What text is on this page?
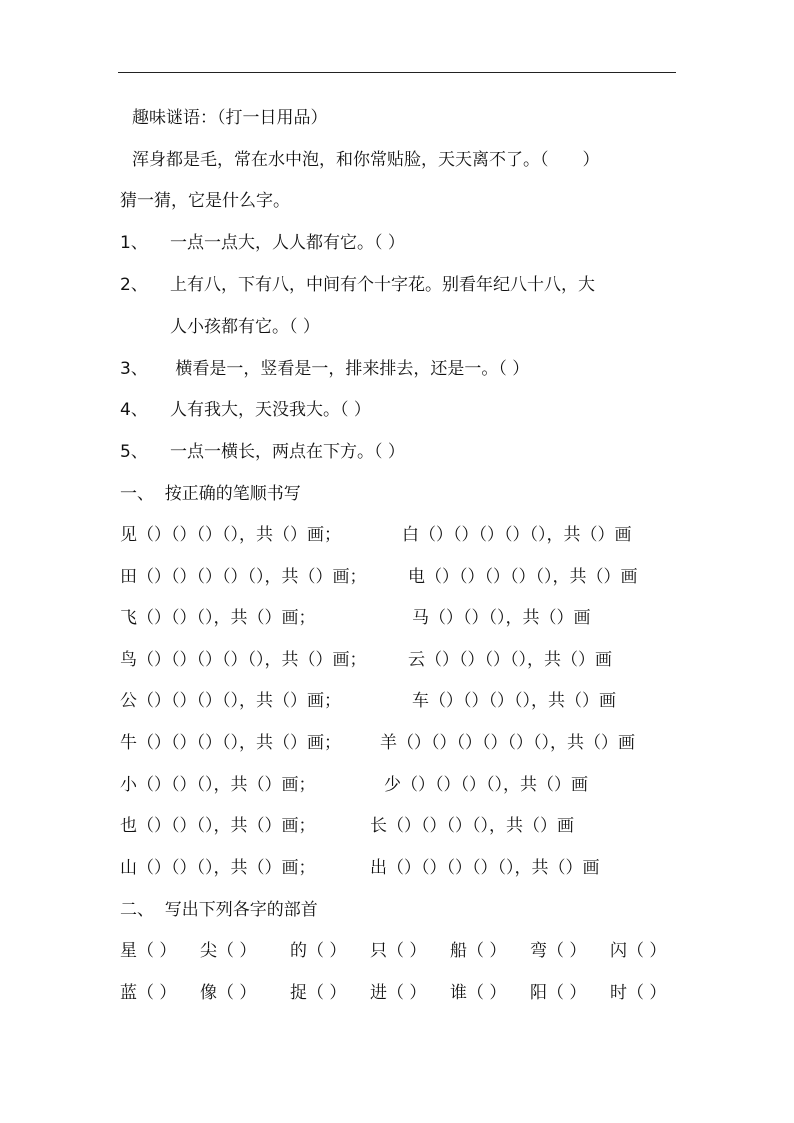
趣味谜语：（打一日用品）
浑身都是毛，常在水中泡，和你常贴脸，天天离不了。（　　）
猜一猜，它是什么字。
1、 一点一点大，人人都有它。（ ）
2、 上有八，下有八，中间有个十字花。别看年纪八十八，大
人小孩都有它。（ ）
3、 横看是一，竖看是一，排来排去，还是一。（ ）
4、 人有我大，天没我大。（ ）
5、 一点一横长，两点在下方。（ ）
一、  按正确的笔顺书写
见（）（）（）（），共（）画；	白（）（）（）（）（），共（）画
田（）（）（）（）（），共（）画； 电（）（）（）（）（），共（）画
飞（）（）（），共（）画；	马（）（）（），共（）画
鸟（）（）（）（）（），共（）画； 云（）（）（）（），共（）画
公（）（）（）（），共（）画；	车（）（）（）（），共（）画
牛（）（）（）（），共（）画； 羊（）（）（）（）（）（），共（）画
小（）（）（），共（）画；	少（）（）（）（），共（）画
也（）（）（），共（）画；	长（）（）（）（），共（）画
山（）（）（），共（）画；	出（）（）（）（）（），共（）画
二、  写出下列各字的部首
星（ ） 尖（ ） 的（ ） 只（ ） 船（ ） 弯（ ） 闪（ ）
蓝（ ） 像（ ） 捉（ ） 进（ ） 谁（ ） 阳（ ） 时（ ）
